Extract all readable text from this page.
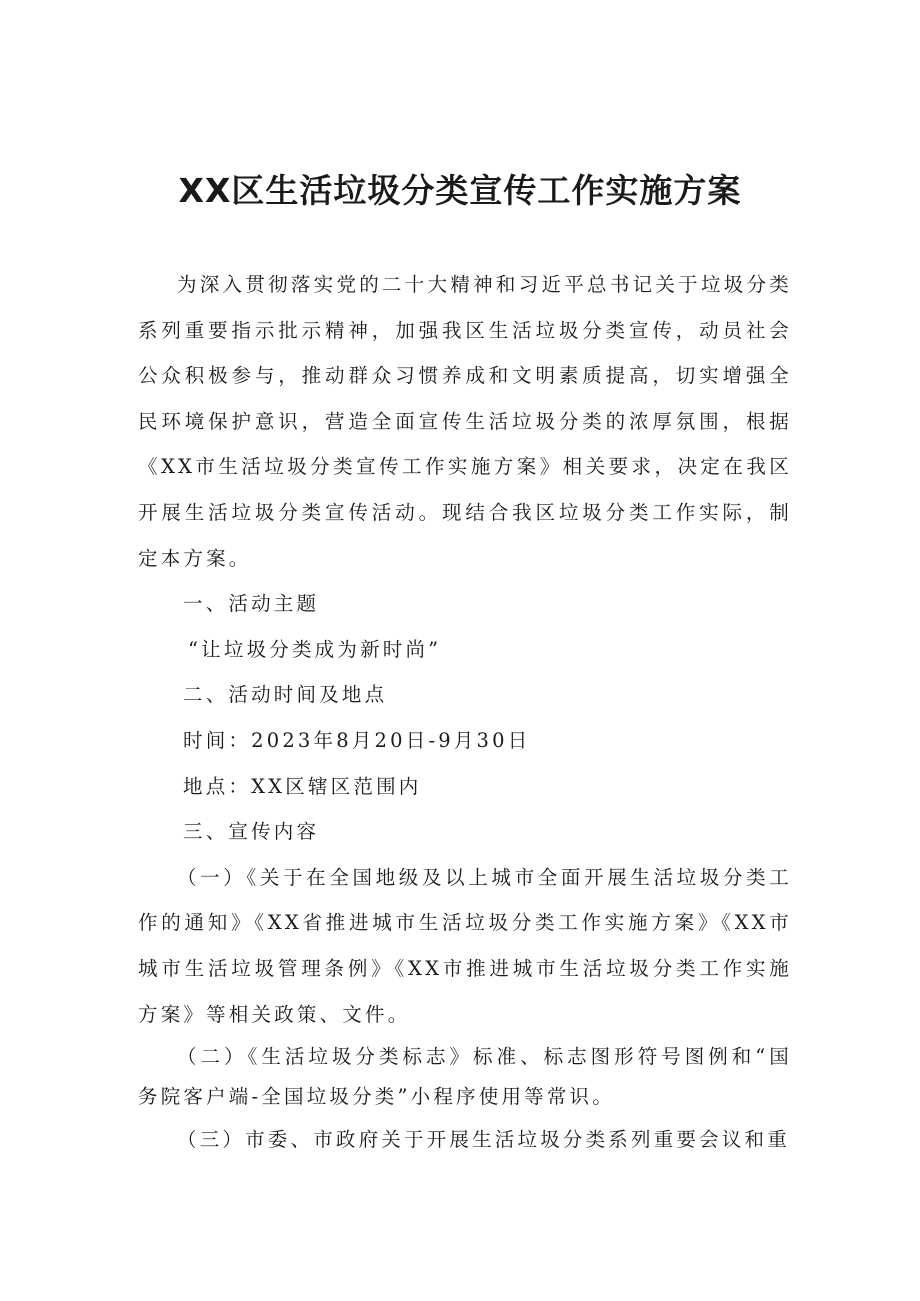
XX区生活垃圾分类宣传工作实施方案

为深入贯彻落实党的二十大精神和习近平总书记关于垃圾分类系列重要指示批示精神，加强我区生活垃圾分类宣传，动员社会公众积极参与，推动群众习惯养成和文明素质提高，切实增强全民环境保护意识，营造全面宣传生活垃圾分类的浓厚氛围，根据《XX市生活垃圾分类宣传工作实施方案》相关要求，决定在我区开展生活垃圾分类宣传活动。现结合我区垃圾分类工作实际，制定本方案。

一、活动主题

“让垃圾分类成为新时尚”

二、活动时间及地点

时间：2023年8月20日-9月30日

地点：XX区辖区范围内

三、宣传内容

（一）《关于在全国地级及以上城市全面开展生活垃圾分类工作的通知》《XX省推进城市生活垃圾分类工作实施方案》《XX市城市生活垃圾管理条例》《XX市推进城市生活垃圾分类工作实施方案》等相关政策、文件。

（二）《生活垃圾分类标志》标准、标志图形符号图例和“国务院客户端-全国垃圾分类”小程序使用等常识。

（三）市委、市政府关于开展生活垃圾分类系列重要会议和重
